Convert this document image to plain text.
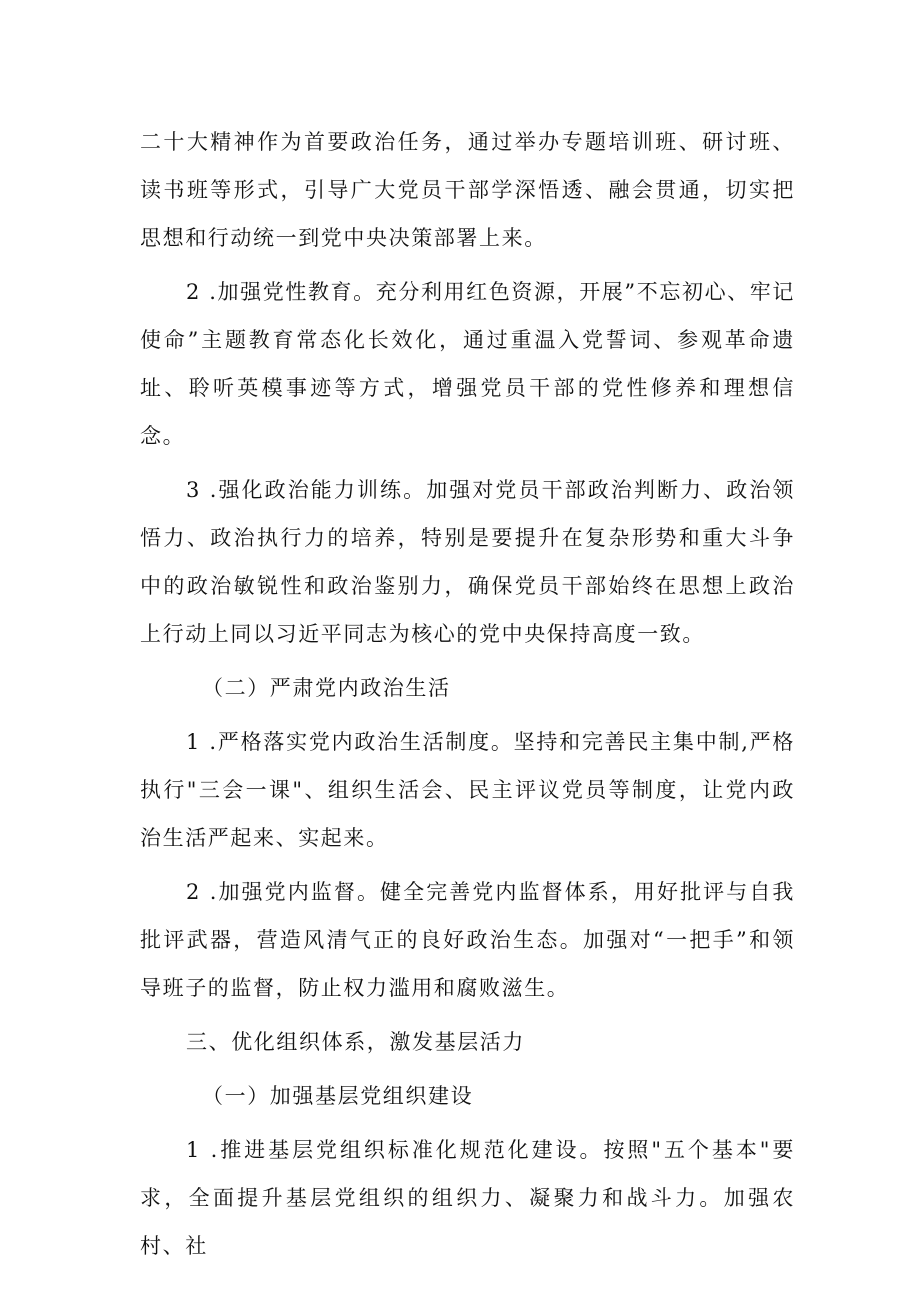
二十大精神作为首要政治任务，通过举办专题培训班、研讨班、读书班等形式，引导广大党员干部学深悟透、融会贯通，切实把思想和行动统一到党中央决策部署上来。

2 .加强党性教育。充分利用红色资源，开展”不忘初心、牢记使命”主题教育常态化长效化，通过重温入党誓词、参观革命遗址、聆听英模事迹等方式，增强党员干部的党性修养和理想信念。

3 .强化政治能力训练。加强对党员干部政治判断力、政治领悟力、政治执行力的培养，特别是要提升在复杂形势和重大斗争中的政治敏锐性和政治鉴别力，确保党员干部始终在思想上政治上行动上同以习近平同志为核心的党中央保持高度一致。

（二）严肃党内政治生活

1 .严格落实党内政治生活制度。坚持和完善民主集中制,严格执行"三会一课"、组织生活会、民主评议党员等制度，让党内政治生活严起来、实起来。

2 .加强党内监督。健全完善党内监督体系，用好批评与自我批评武器，营造风清气正的良好政治生态。加强对“一把手”和领导班子的监督，防止权力滥用和腐败滋生。

三、优化组织体系，激发基层活力

（一）加强基层党组织建设

1 .推进基层党组织标准化规范化建设。按照"五个基本"要求，全面提升基层党组织的组织力、凝聚力和战斗力。加强农村、社
